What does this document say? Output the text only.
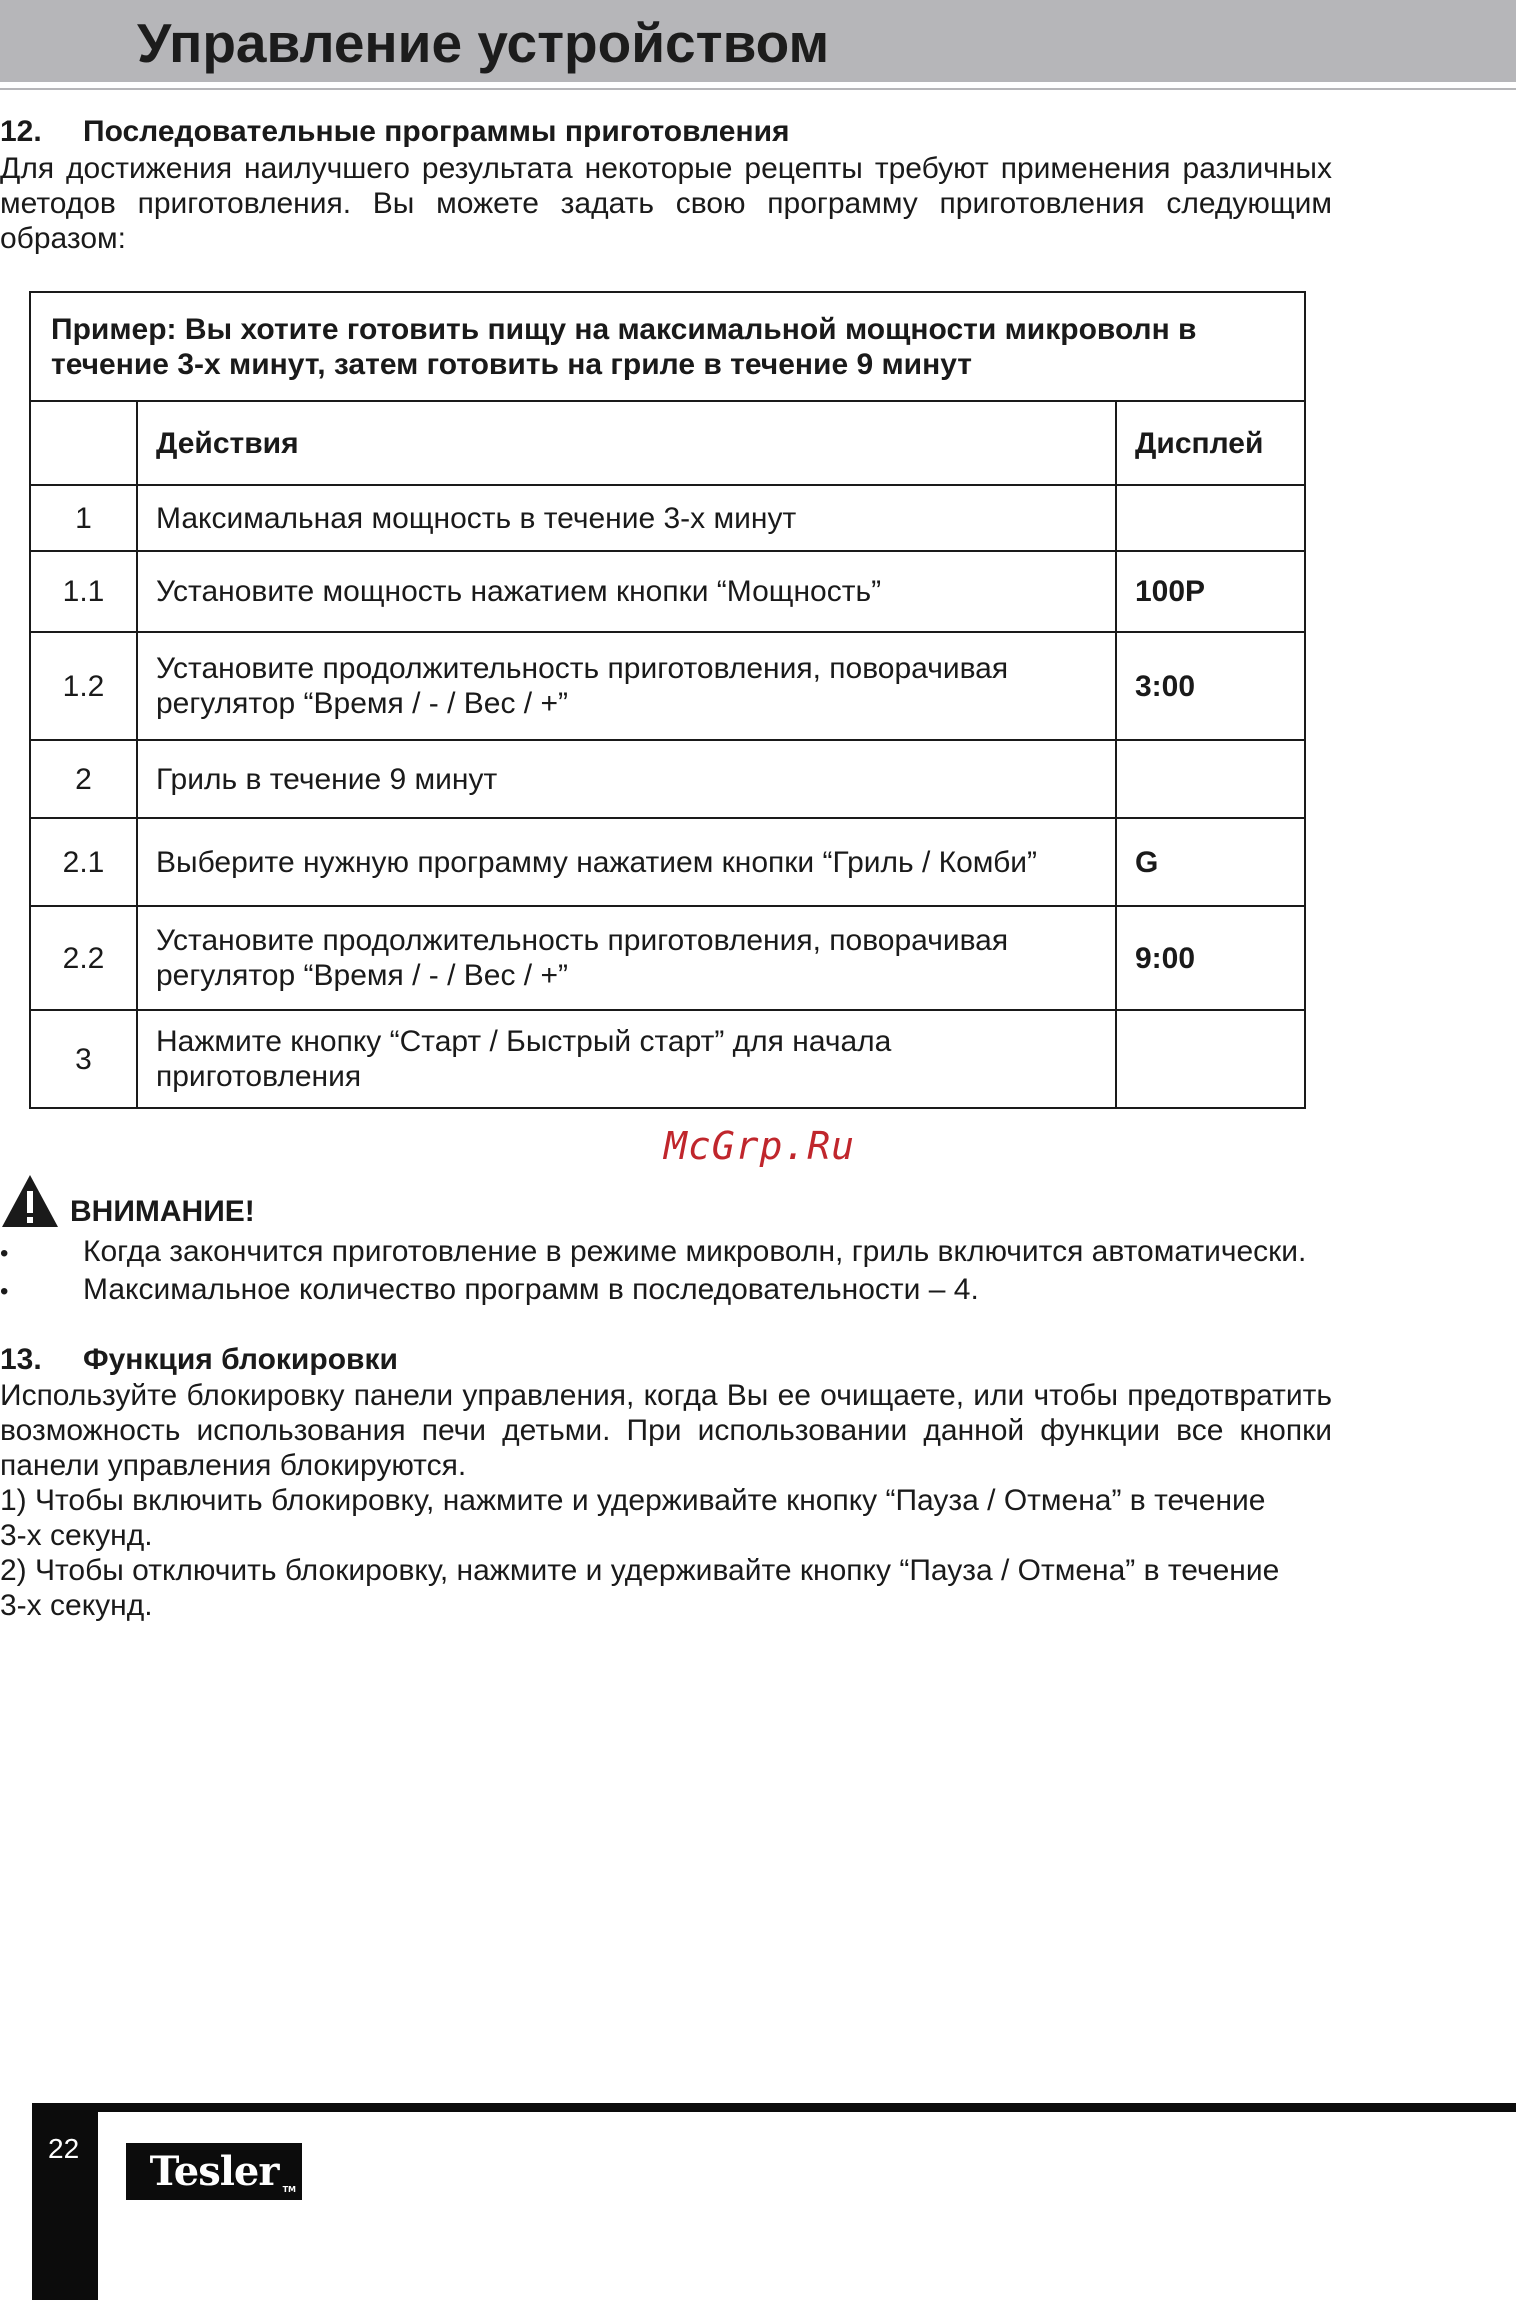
Управление устройством
12. Последовательные программы приготовления
Для достижения наилучшего результата некоторые рецепты требуют применения различных методов приготовления. Вы можете задать свою программу приготовления следующим образом:
Пример: Вы хотите готовить пищу на максимальной мощности микроволн в течение 3-х минут, затем готовить на гриле в течение 9 минут		
	Действия	Дисплей
1	Максимальная мощность в течение 3-х минут	
1.1	Установите мощность нажатием кнопки “Мощность”	100P
1.2	Установите продолжительность приготовления, поворачивая регулятор “Время / - / Вес / +”	3:00
2	Гриль в течение 9 минут	
2.1	Выберите нужную программу нажатием кнопки “Гриль / Комби”	G
2.2	Установите продолжительность приготовления, поворачивая регулятор “Время / - / Вес / +”	9:00
3	Нажмите кнопку “Старт / Быстрый старт” для начала приготовления	
McGrp.Ru
ВНИМАНИЕ!
• Когда закончится приготовление в режиме микроволн, гриль включится автоматически.
• Максимальное количество программ в последовательности – 4.
13. Функция блокировки
Используйте блокировку панели управления, когда Вы ее очищаете, или чтобы предотвратить возможность использования печи детьми. При использовании данной функции все кнопки панели управления блокируются.
1) Чтобы включить блокировку, нажмите и удерживайте кнопку “Пауза / Отмена” в течение
3-х секунд.
2) Чтобы отключить блокировку, нажмите и удерживайте кнопку “Пауза / Отмена” в течение
3-х секунд.
22	Tesler TM
